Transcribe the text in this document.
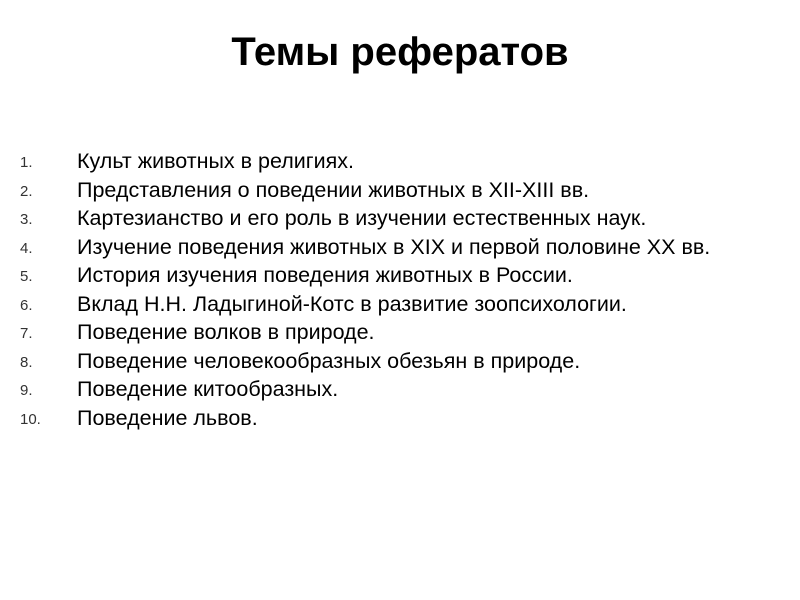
Темы рефератов
1.	Культ животных в религиях.
2.	Представления о поведении животных в XII-XIII вв.
3.	Картезианство и его роль в изучении естественных наук.
4.	Изучение поведения животных в XIX и первой половине XX вв.
5.	История изучения поведения животных в России.
6.	Вклад Н.Н. Ладыгиной-Котс в развитие зоопсихологии.
7.	Поведение волков в природе.
8.	Поведение человекообразных обезьян в природе.
9.	Поведение китообразных.
10.	Поведение львов.
